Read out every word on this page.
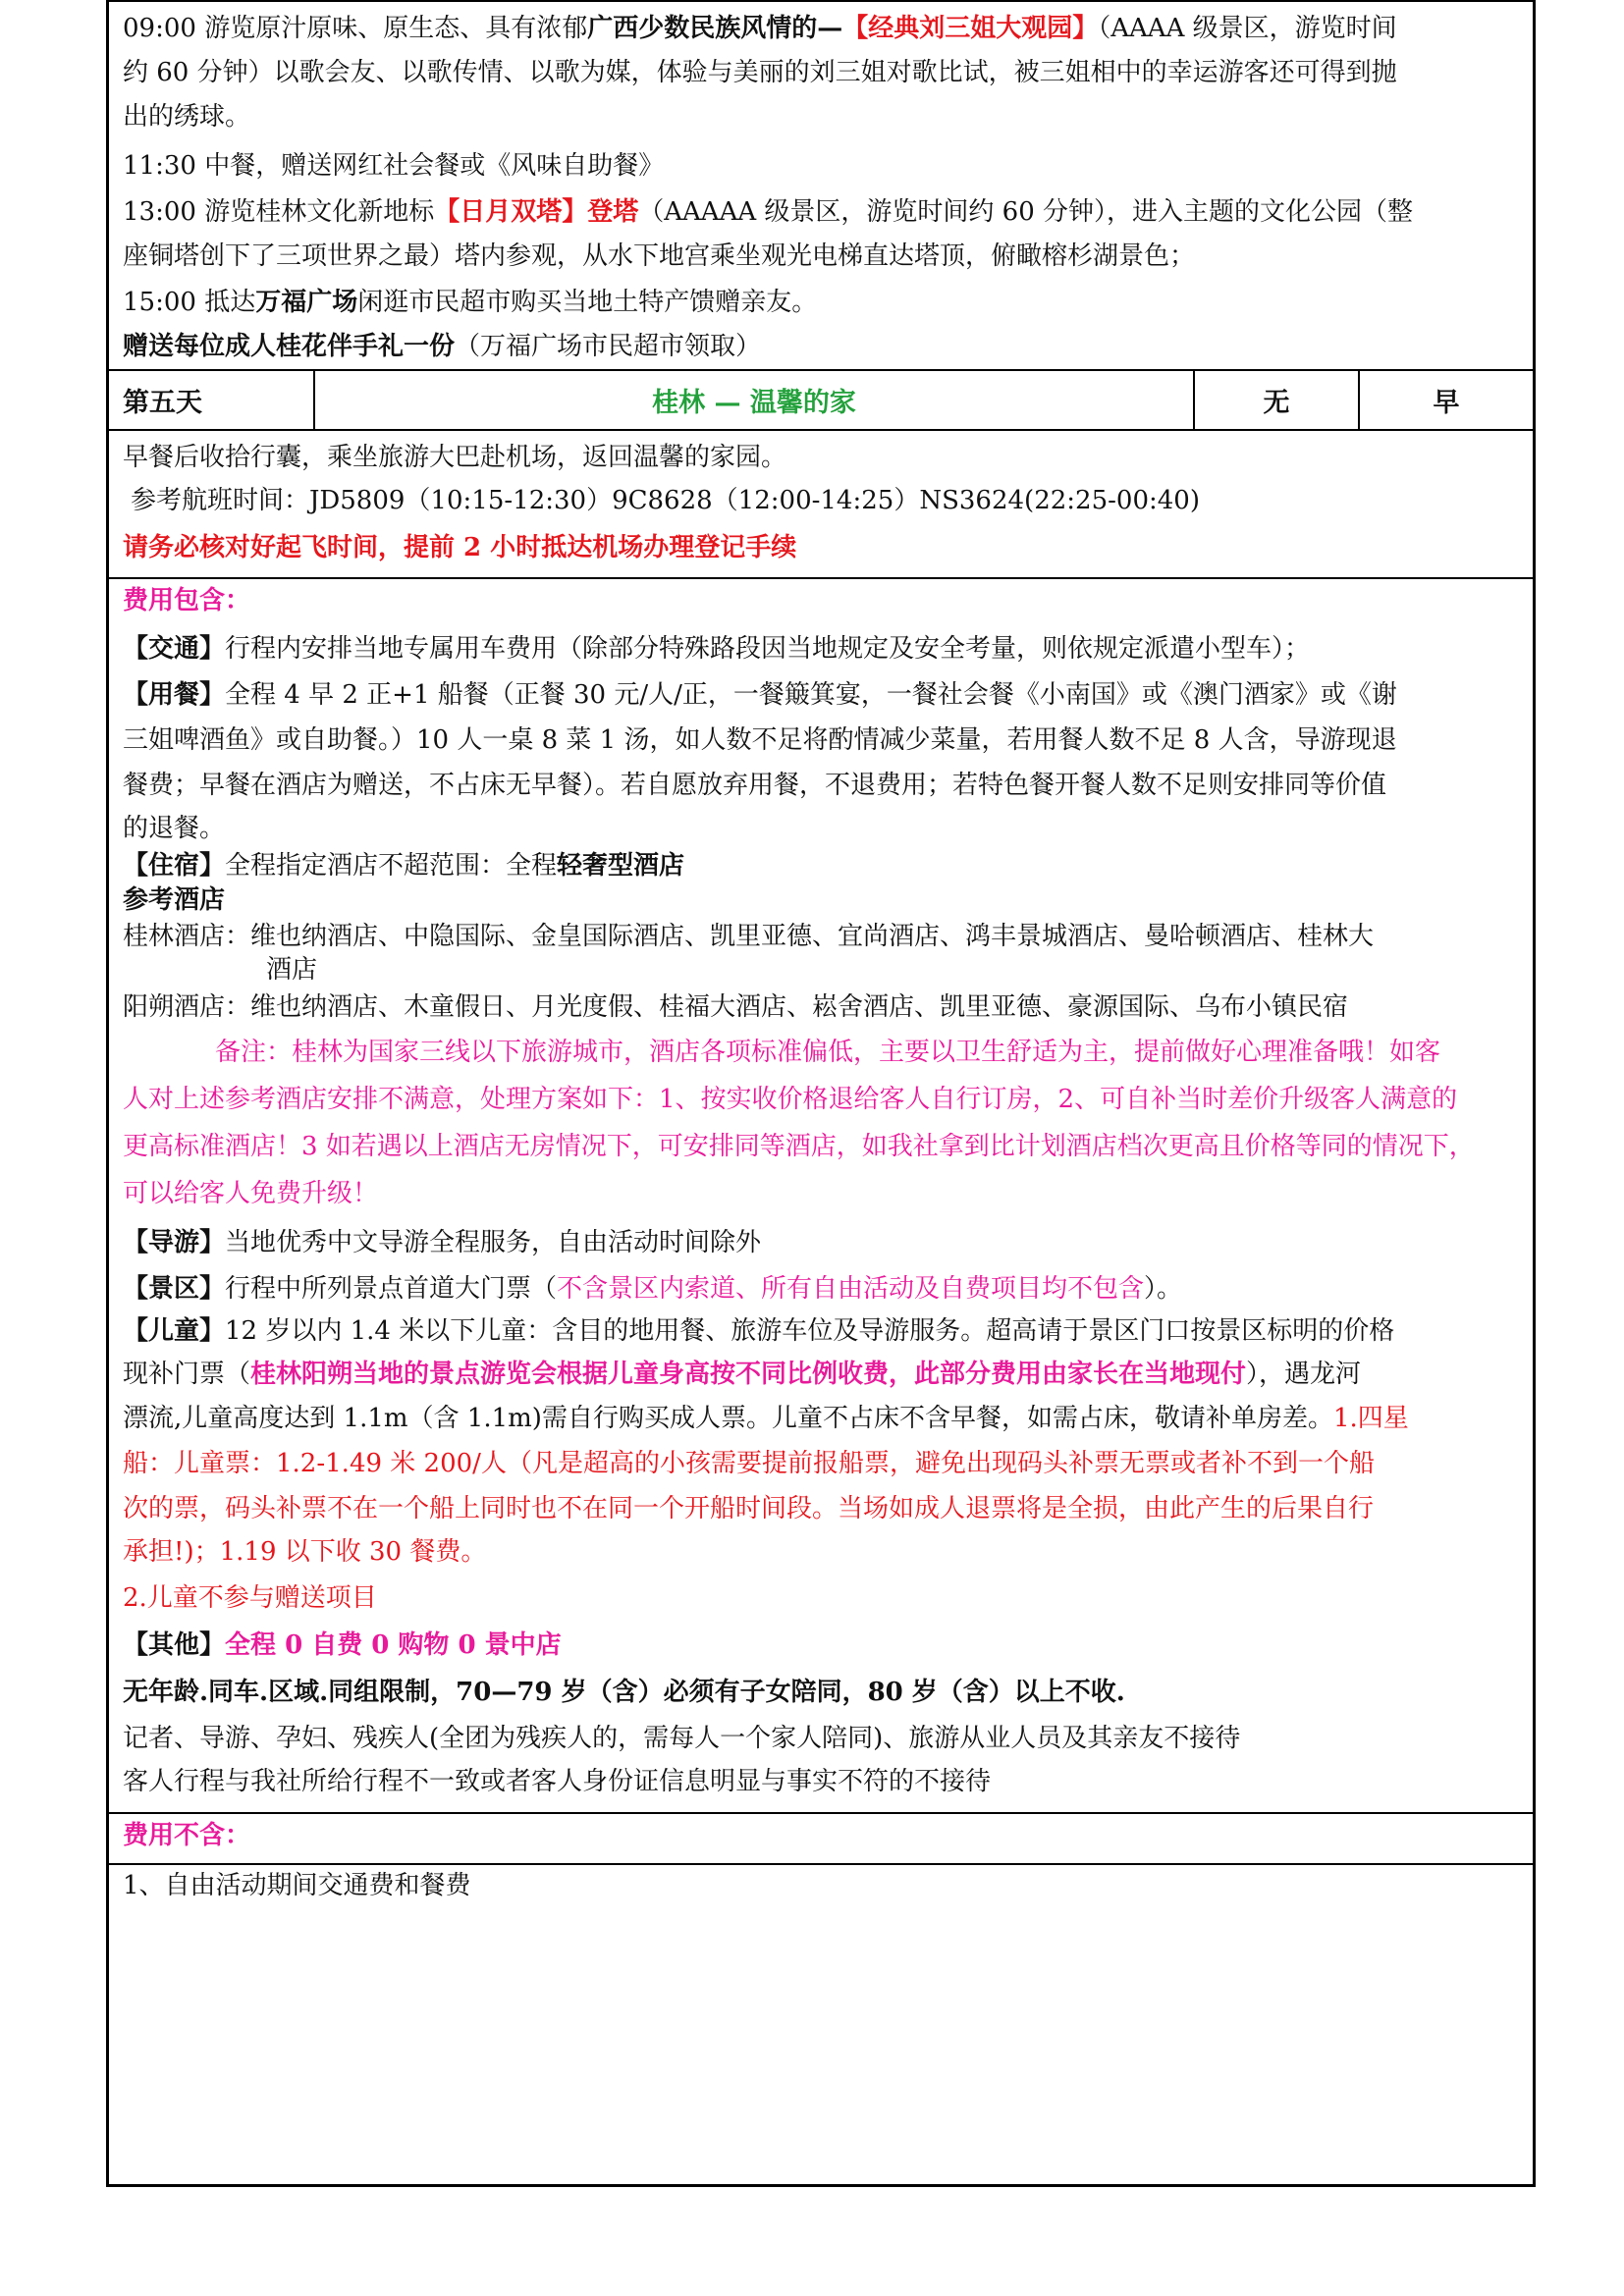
09:00 游览原汁原味、原生态、具有浓郁广西少数民族风情的—【经典刘三姐大观园】（AAAA 级景区，游览时间
约 60 分钟）以歌会友、以歌传情、以歌为媒，体验与美丽的刘三姐对歌比试，被三姐相中的幸运游客还可得到抛
出的绣球。
11:30 中餐，赠送网红社会餐或《风味自助餐》
13:00 游览桂林文化新地标【日月双塔】登塔（AAAAA 级景区，游览时间约 60 分钟），进入主题的文化公园（整
座铜塔创下了三项世界之最）塔内参观，从水下地宫乘坐观光电梯直达塔顶，俯瞰榕杉湖景色；
15:00 抵达万福广场闲逛市民超市购买当地土特产馈赠亲友。
赠送每位成人桂花伴手礼一份（万福广场市民超市领取）
第五天	桂林 — 温馨的家	无	早
早餐后收拾行囊，乘坐旅游大巴赴机场，返回温馨的家园。
参考航班时间：JD5809（10:15-12:30）9C8628（12:00-14:25）NS3624(22:25-00:40)
请务必核对好起飞时间，提前 2 小时抵达机场办理登记手续
费用包含：
【交通】行程内安排当地专属用车费用（除部分特殊路段因当地规定及安全考量，则依规定派遣小型车）；
【用餐】全程 4 早 2 正+1 船餐（正餐 30 元/人/正，一餐簸箕宴，一餐社会餐《小南国》或《澳门酒家》或《谢
三姐啤酒鱼》或自助餐。）10 人一桌 8 菜 1 汤，如人数不足将酌情减少菜量，若用餐人数不足 8 人含，导游现退
餐费；早餐在酒店为赠送，不占床无早餐）。若自愿放弃用餐，不退费用；若特色餐开餐人数不足则安排同等价值
的退餐。
【住宿】全程指定酒店不超范围：全程轻奢型酒店
参考酒店
桂林酒店：维也纳酒店、中隐国际、金皇国际酒店、凯里亚德、宜尚酒店、鸿丰景城酒店、曼哈顿酒店、桂林大
酒店
阳朔酒店：维也纳酒店、木童假日、月光度假、桂福大酒店、崧舍酒店、凯里亚德、豪源国际、乌布小镇民宿
备注：桂林为国家三线以下旅游城市，酒店各项标准偏低，主要以卫生舒适为主，提前做好心理准备哦！如客
人对上述参考酒店安排不满意，处理方案如下：1、按实收价格退给客人自行订房，2、可自补当时差价升级客人满意的
更高标准酒店！3 如若遇以上酒店无房情况下，可安排同等酒店，如我社拿到比计划酒店档次更高且价格等同的情况下，
可以给客人免费升级！
【导游】当地优秀中文导游全程服务，自由活动时间除外
【景区】行程中所列景点首道大门票（不含景区内索道、所有自由活动及自费项目均不包含）。
【儿童】12 岁以内 1.4 米以下儿童：含目的地用餐、旅游车位及导游服务。超高请于景区门口按景区标明的价格
现补门票（桂林阳朔当地的景点游览会根据儿童身高按不同比例收费，此部分费用由家长在当地现付），遇龙河
漂流,儿童高度达到 1.1m（含 1.1m)需自行购买成人票。儿童不占床不含早餐，如需占床，敬请补单房差。1.四星
船：儿童票：1.2-1.49 米 200/人（凡是超高的小孩需要提前报船票，避免出现码头补票无票或者补不到一个船
次的票，码头补票不在一个船上同时也不在同一个开船时间段。当场如成人退票将是全损，由此产生的后果自行
承担!)；1.19 以下收 30 餐费。
2.儿童不参与赠送项目
【其他】全程 0 自费 0 购物 0 景中店
无年龄.同车.区域.同组限制，70—79 岁（含）必须有子女陪同，80 岁（含）以上不收.
记者、导游、孕妇、残疾人(全团为残疾人的，需每人一个家人陪同)、旅游从业人员及其亲友不接待
客人行程与我社所给行程不一致或者客人身份证信息明显与事实不符的不接待
费用不含：
1、自由活动期间交通费和餐费
